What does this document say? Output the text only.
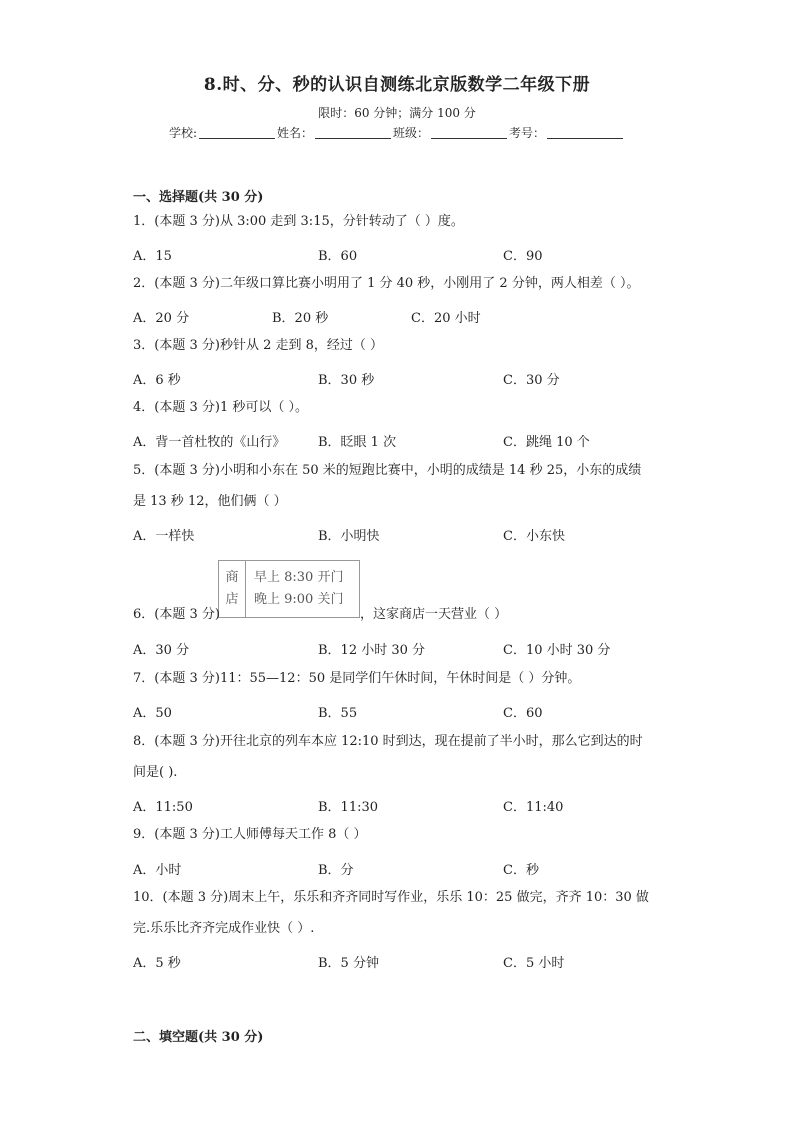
8.时、分、秒的认识自测练北京版数学二年级下册
限时：60 分钟；满分 100 分
学校:	姓名：	班级：	考号：
一、选择题(共 30 分)
1．(本题 3 分)从 3:00 走到 3:15，分针转动了（ ）度。
A．15	B．60	C．90
2．(本题 3 分)二年级口算比赛小明用了 1 分 40 秒，小刚用了 2 分钟，两人相差（ ）。
A．20 分	B．20 秒	C．20 小时
3．(本题 3 分)秒针从 2 走到 8，经过（ ）
A．6 秒	B．30 秒	C．30 分
4．(本题 3 分)1 秒可以（ ）。
A．背一首杜牧的《山行》	B．眨眼 1 次	C．跳绳 10 个
5．(本题 3 分)小明和小东在 50 米的短跑比赛中，小明的成绩是 14 秒 25，小东的成绩
是 13 秒 12，他们俩（ ）
A．一样快	B．小明快	C．小东快
商
店
早上 8:30 开门
晚上 9:00 关门
6．(本题 3 分)	，这家商店一天营业（ ）
A．30 分	B．12 小时 30 分	C．10 小时 30 分
7．(本题 3 分)11：55—12：50 是同学们午休时间，午休时间是（ ）分钟。
A．50	B．55	C．60
8．(本题 3 分)开往北京的列车本应 12:10 时到达，现在提前了半小时，那么它到达的时
间是( ).
A．11:50	B．11:30	C．11:40
9．(本题 3 分)工人师傅每天工作 8（ ）
A．小时	B．分	C．秒
10．(本题 3 分)周末上午，乐乐和齐齐同时写作业，乐乐 10：25 做完，齐齐 10：30 做
完.乐乐比齐齐完成作业快（ ）.
A．5 秒	B．5 分钟	C．5 小时
二、填空题(共 30 分)
